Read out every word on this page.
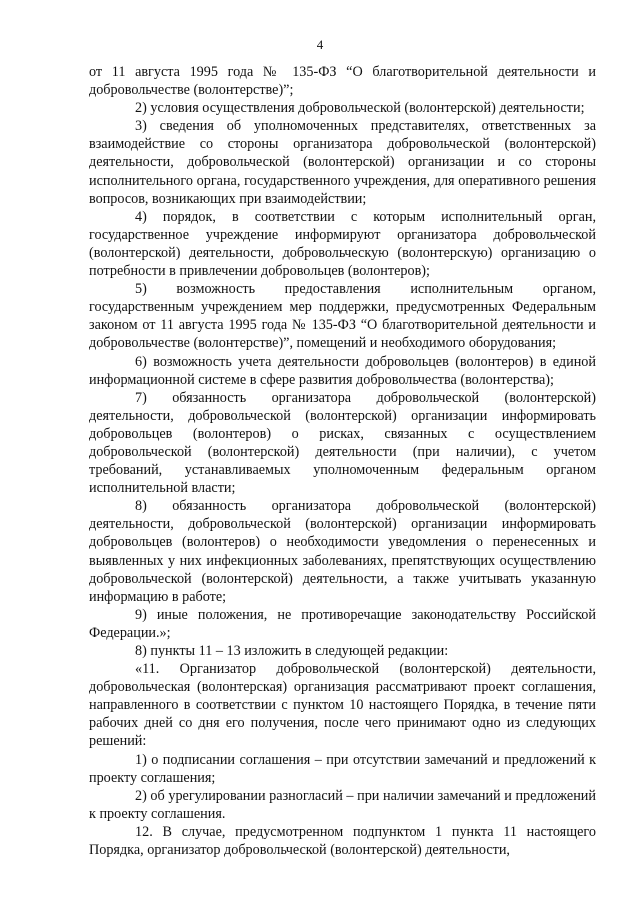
4

от 11 августа 1995 года № 135-ФЗ “О благотворительной деятельности и добровольчестве (волонтерстве)”;

2) условия осуществления добровольческой (волонтерской) деятельности;

3) сведения об уполномоченных представителях, ответственных за взаимодействие со стороны организатора добровольческой (волонтерской) деятельности, добровольческой (волонтерской) организации и со стороны исполнительного органа, государственного учреждения, для оперативного решения вопросов, возникающих при взаимодействии;

4) порядок, в соответствии с которым исполнительный орган, государственное учреждение информируют организатора добровольческой (волонтерской) деятельности, добровольческую (волонтерскую) организацию о потребности в привлечении добровольцев (волонтеров);

5) возможность предоставления исполнительным органом, государственным учреждением мер поддержки, предусмотренных Федеральным законом от 11 августа 1995 года № 135-ФЗ “О благотворительной деятельности и добровольчестве (волонтерстве)”, помещений и необходимого оборудования;

6) возможность учета деятельности добровольцев (волонтеров) в единой информационной системе в сфере развития добровольчества (волонтерства);

7) обязанность организатора добровольческой (волонтерской) деятельности, добровольческой (волонтерской) организации информировать добровольцев (волонтеров) о рисках, связанных с осуществлением добровольческой (волонтерской) деятельности (при наличии), с учетом требований, устанавливаемых уполномоченным федеральным органом исполнительной власти;

8) обязанность организатора добровольческой (волонтерской) деятельности, добровольческой (волонтерской) организации информировать добровольцев (волонтеров) о необходимости уведомления о перенесенных и выявленных у них инфекционных заболеваниях, препятствующих осуществлению добровольческой (волонтерской) деятельности, а также учитывать указанную информацию в работе;

9) иные положения, не противоречащие законодательству Российской Федерации.»;

8) пункты 11 – 13 изложить в следующей редакции:

«11. Организатор добровольческой (волонтерской) деятельности, добровольческая (волонтерская) организация рассматривают проект соглашения, направленного в соответствии с пунктом 10 настоящего Порядка, в течение пяти рабочих дней со дня его получения, после чего принимают одно из следующих решений:

1) о подписании соглашения – при отсутствии замечаний и предложений к проекту соглашения;

2) об урегулировании разногласий – при наличии замечаний и предложений к проекту соглашения.

12. В случае, предусмотренном подпунктом 1 пункта 11 настоящего Порядка, организатор добровольческой (волонтерской) деятельности,
